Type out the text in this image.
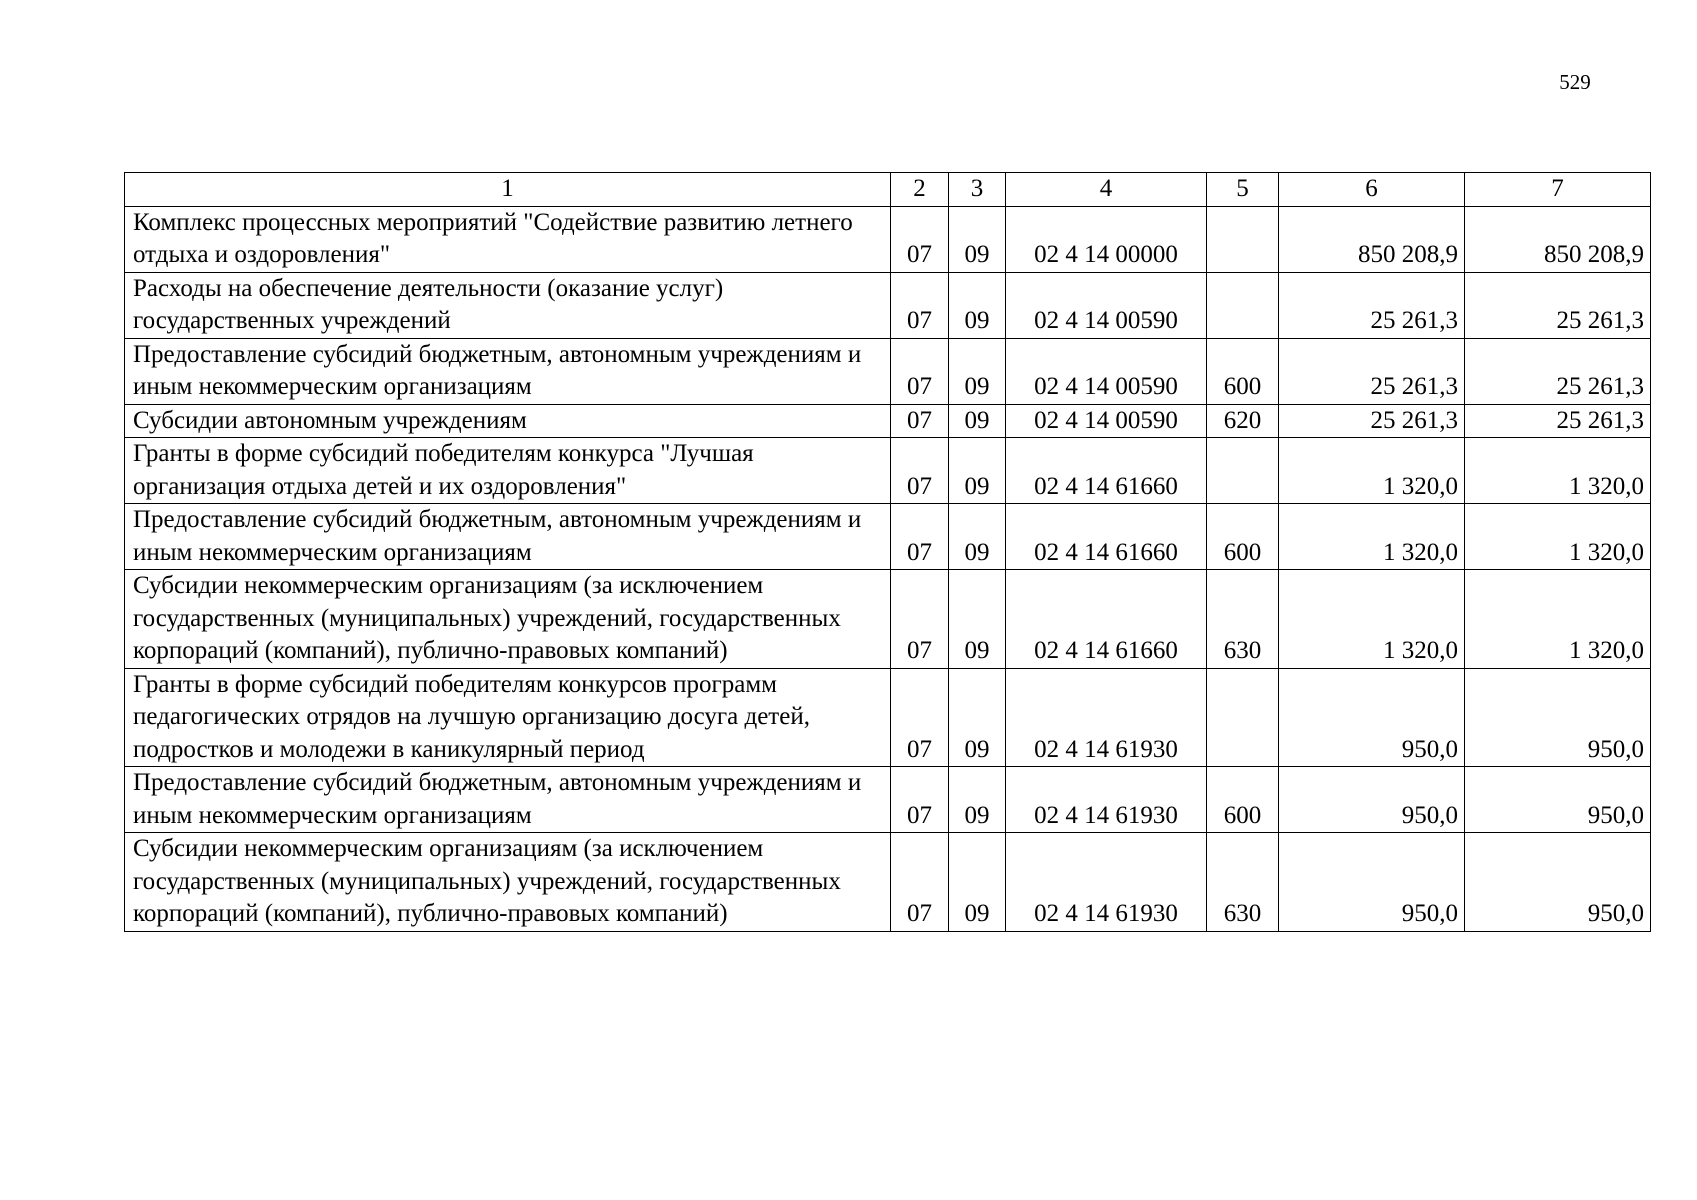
529
1	2	3	4	5	6	7
Комплекс процессных мероприятий "Содействие развитию летнего отдыха и оздоровления"	07	09	02 4 14 00000		850 208,9	850 208,9
Расходы на обеспечение деятельности (оказание услуг) государственных учреждений	07	09	02 4 14 00590		25 261,3	25 261,3
Предоставление субсидий бюджетным, автономным учреждениям и иным некоммерческим организациям	07	09	02 4 14 00590	600	25 261,3	25 261,3
Субсидии автономным учреждениям	07	09	02 4 14 00590	620	25 261,3	25 261,3
Гранты в форме субсидий победителям конкурса "Лучшая организация отдыха детей и их оздоровления"	07	09	02 4 14 61660		1 320,0	1 320,0
Предоставление субсидий бюджетным, автономным учреждениям и иным некоммерческим организациям	07	09	02 4 14 61660	600	1 320,0	1 320,0
Субсидии некоммерческим организациям (за исключением государственных (муниципальных) учреждений, государственных корпораций (компаний), публично-правовых компаний)	07	09	02 4 14 61660	630	1 320,0	1 320,0
Гранты в форме субсидий победителям конкурсов программ педагогических отрядов на лучшую организацию досуга детей, подростков и молодежи в каникулярный период	07	09	02 4 14 61930		950,0	950,0
Предоставление субсидий бюджетным, автономным учреждениям и иным некоммерческим организациям	07	09	02 4 14 61930	600	950,0	950,0
Субсидии некоммерческим организациям (за исключением государственных (муниципальных) учреждений, государственных корпораций (компаний), публично-правовых компаний)	07	09	02 4 14 61930	630	950,0	950,0
